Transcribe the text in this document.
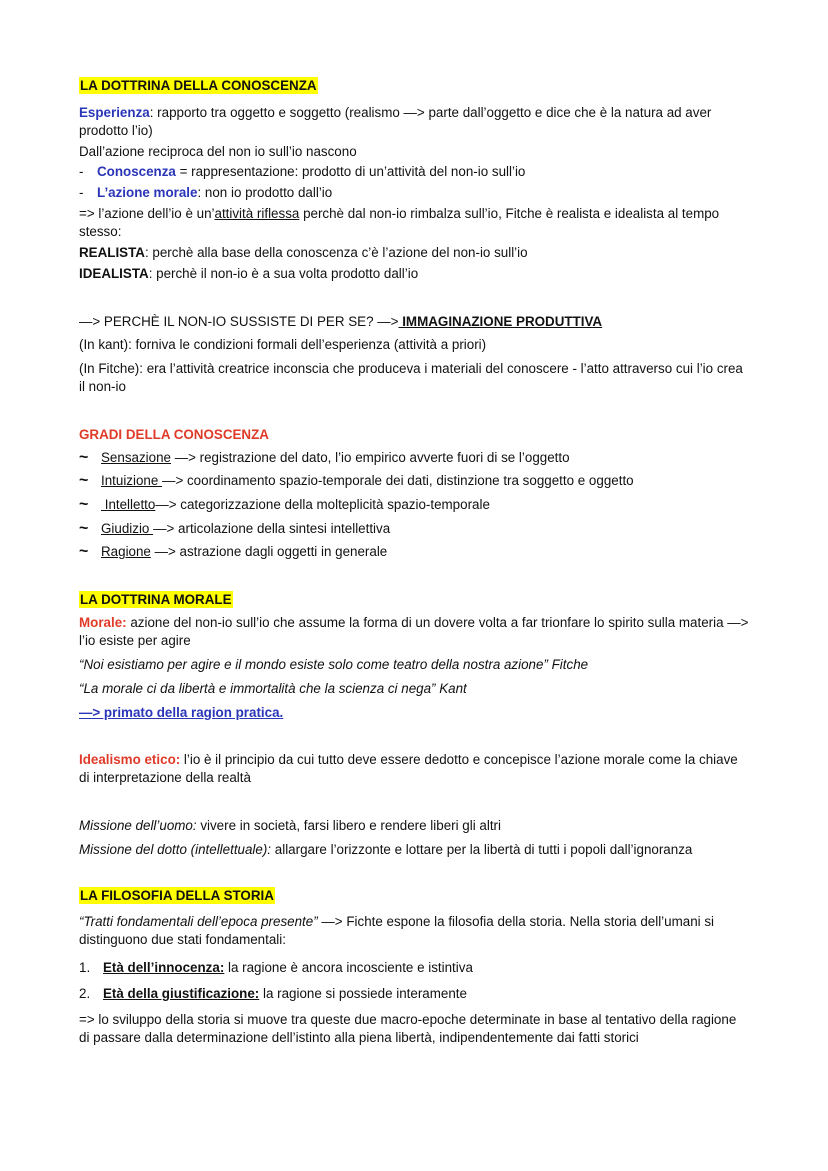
LA DOTTRINA DELLA CONOSCENZA
Esperienza: rapporto tra oggetto e soggetto (realismo —> parte dall’oggetto e dice che è la natura ad aver prodotto l’io)
Dall’azione reciproca del non io sull’io nascono
- Conoscenza = rappresentazione: prodotto di un’attività del non-io sull’io
- L’azione morale: non io prodotto dall’io
=> l’azione dell’io è un’attività riflessa perchè dal non-io rimbalza sull’io, Fitche è realista e idealista al tempo stesso:
REALISTA: perchè alla base della conoscenza c’è l’azione del non-io sull’io
IDEALISTA: perchè il non-io è a sua volta prodotto dall’io
—> PERCHÈ IL NON-IO SUSSISTE DI PER SE? —> IMMAGINAZIONE PRODUTTIVA
(In kant): forniva le condizioni formali dell’esperienza (attività a priori)
(In Fitche): era l’attività creatrice inconscia che produceva i materiali del conoscere - l’atto attraverso cui l’io crea il non-io
GRADI DELLA CONOSCENZA
~ Sensazione —> registrazione del dato, l’io empirico avverte fuori di se l’oggetto
~ Intuizione —> coordinamento spazio-temporale dei dati, distinzione tra soggetto e oggetto
~ Intelletto—> categorizzazione della molteplicità spazio-temporale
~ Giudizio —> articolazione della sintesi intellettiva
~ Ragione —> astrazione dagli oggetti in generale
LA DOTTRINA MORALE
Morale: azione del non-io sull’io che assume la forma di un dovere volta a far trionfare lo spirito sulla materia —> l’io esiste per agire
“Noi esistiamo per agire e il mondo esiste solo come teatro della nostra azione” Fitche
“La morale ci da libertà e immortalità che la scienza ci nega” Kant
—> primato della ragion pratica.
Idealismo etico: l’io è il principio da cui tutto deve essere dedotto e concepisce l’azione morale come la chiave di interpretazione della realtà
Missione dell’uomo: vivere in società, farsi libero e rendere liberi gli altri
Missione del dotto (intellettuale): allargare l’orizzonte e lottare per la libertà di tutti i popoli dall’ignoranza
LA FILOSOFIA DELLA STORIA
“Tratti fondamentali dell’epoca presente” —> Fichte espone la filosofia della storia. Nella storia dell’umani si distinguono due stati fondamentali:
1. Età dell’innocenza: la ragione è ancora incosciente e istintiva
2. Età della giustificazione: la ragione si possiede interamente
=> lo sviluppo della storia si muove tra queste due macro-epoche determinate in base al tentativo della ragione di passare dalla determinazione dell’istinto alla piena libertà, indipendentemente dai fatti storici
